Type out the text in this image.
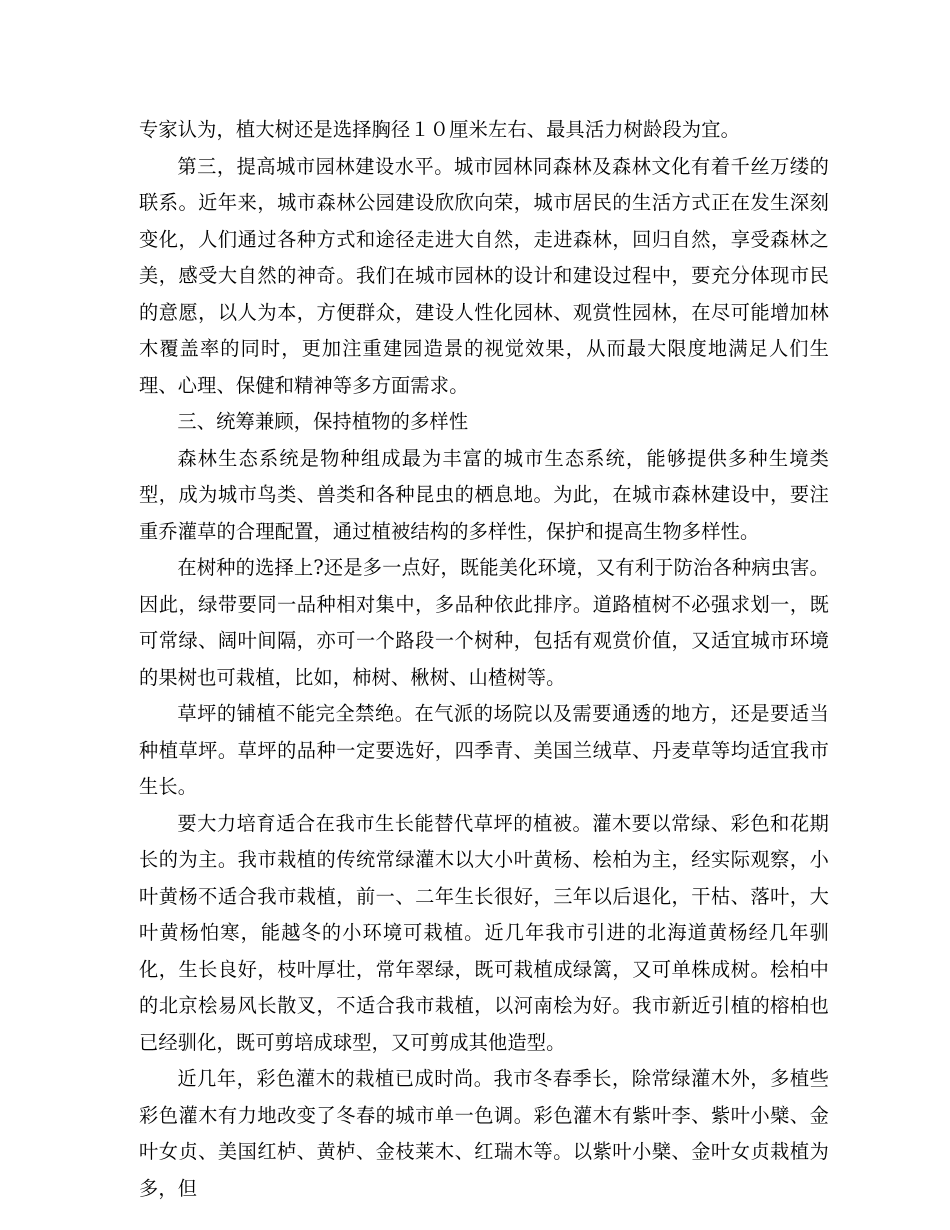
专家认为，植大树还是选择胸径１０厘米左右、最具活力树龄段为宜。

第三，提高城市园林建设水平。城市园林同森林及森林文化有着千丝万缕的联系。近年来，城市森林公园建设欣欣向荣，城市居民的生活方式正在发生深刻变化，人们通过各种方式和途径走进大自然，走进森林，回归自然，享受森林之美，感受大自然的神奇。我们在城市园林的设计和建设过程中，要充分体现市民的意愿，以人为本，方便群众，建设人性化园林、观赏性园林，在尽可能增加林木覆盖率的同时，更加注重建园造景的视觉效果，从而最大限度地满足人们生理、心理、保健和精神等多方面需求。

三、统筹兼顾，保持植物的多样性

森林生态系统是物种组成最为丰富的城市生态系统，能够提供多种生境类型，成为城市鸟类、兽类和各种昆虫的栖息地。为此，在城市森林建设中，要注重乔灌草的合理配置，通过植被结构的多样性，保护和提高生物多样性。

在树种的选择上?还是多一点好，既能美化环境，又有利于防治各种病虫害。因此，绿带要同一品种相对集中，多品种依此排序。道路植树不必强求划一，既可常绿、阔叶间隔，亦可一个路段一个树种，包括有观赏价值，又适宜城市环境的果树也可栽植，比如，柿树、楸树、山楂树等。

草坪的铺植不能完全禁绝。在气派的场院以及需要通透的地方，还是要适当种植草坪。草坪的品种一定要选好，四季青、美国兰绒草、丹麦草等均适宜我市生长。

要大力培育适合在我市生长能替代草坪的植被。灌木要以常绿、彩色和花期长的为主。我市栽植的传统常绿灌木以大小叶黄杨、桧柏为主，经实际观察，小叶黄杨不适合我市栽植，前一、二年生长很好，三年以后退化，干枯、落叶，大叶黄杨怕寒，能越冬的小环境可栽植。近几年我市引进的北海道黄杨经几年驯化，生长良好，枝叶厚壮，常年翠绿，既可栽植成绿篱，又可单株成树。桧柏中的北京桧易风长散叉，不适合我市栽植，以河南桧为好。我市新近引植的榕柏也已经驯化，既可剪培成球型，又可剪成其他造型。

近几年，彩色灌木的栽植已成时尚。我市冬春季长，除常绿灌木外，多植些彩色灌木有力地改变了冬春的城市单一色调。彩色灌木有紫叶李、紫叶小檗、金叶女贞、美国红栌、黄栌、金枝莱木、红瑞木等。以紫叶小檗、金叶女贞栽植为多，但
